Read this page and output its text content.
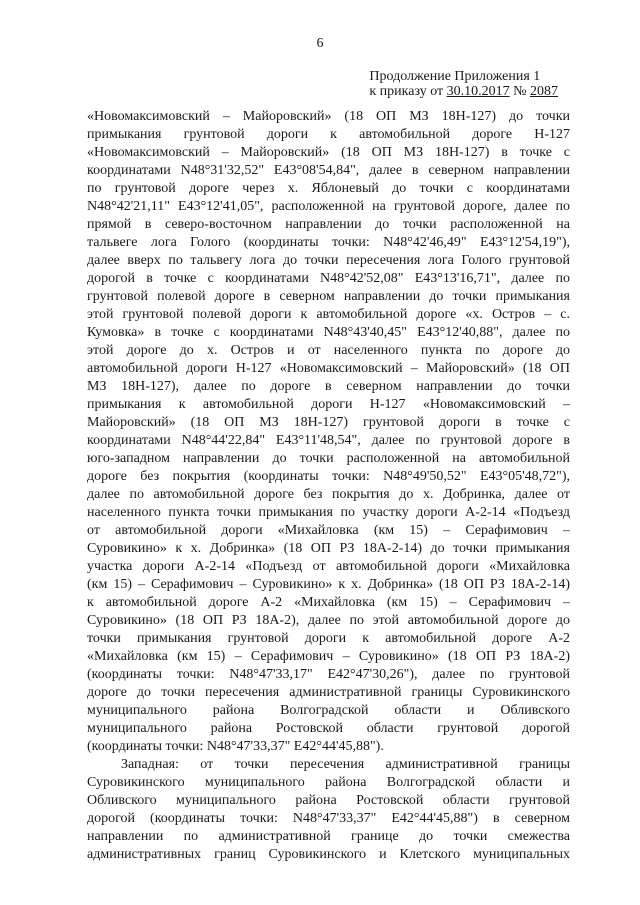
6
Продолжение Приложения 1
к приказу от 30.10.2017 № 2087
«Новомаксимовский – Майоровский» (18 ОП МЗ 18Н-127) до точки
примыкания грунтовой дороги к автомобильной дороге Н-127
«Новомаксимовский – Майоровский» (18 ОП МЗ 18Н-127) в точке с
координатами N48°31'32,52" E43°08'54,84", далее в северном направлении
по грунтовой дороге через х. Яблоневый до точки с координатами
N48°42'21,11" E43°12'41,05", расположенной на грунтовой дороге, далее по
прямой в северо-восточном направлении до точки расположенной на
тальвеге лога Голого (координаты точки: N48°42'46,49" E43°12'54,19"),
далее вверх по тальвегу лога до точки пересечения лога Голого грунтовой
дорогой в точке с координатами N48°42'52,08" E43°13'16,71", далее по
грунтовой полевой дороге в северном направлении до точки примыкания
этой грунтовой полевой дороги к автомобильной дороге «х. Остров – с.
Кумовка» в точке с координатами N48°43'40,45" E43°12'40,88", далее по
этой дороге до х. Остров и от населенного пункта по дороге до
автомобильной дороги Н-127 «Новомаксимовский – Майоровский» (18 ОП
МЗ 18Н-127), далее по дороге в северном направлении до точки
примыкания к автомобильной дороги Н-127 «Новомаксимовский –
Майоровский» (18 ОП МЗ 18Н-127) грунтовой дороги в точке с
координатами N48°44'22,84" E43°11'48,54", далее по грунтовой дороге в
юго-западном направлении до точки расположенной на автомобильной
дороге без покрытия (координаты точки: N48°49'50,52" E43°05'48,72"),
далее по автомобильной дороге без покрытия до х. Добринка, далее от
населенного пункта точки примыкания по участку дороги А-2-14 «Подъезд
от автомобильной дороги «Михайловка (км 15) – Серафимович –
Суровикино» к х. Добринка» (18 ОП РЗ 18А-2-14) до точки примыкания
участка дороги А-2-14 «Подъезд от автомобильной дороги «Михайловка
(км 15) – Серафимович – Суровикино» к х. Добринка» (18 ОП РЗ 18А-2-14)
к автомобильной дороге А-2 «Михайловка (км 15) – Серафимович –
Суровикино» (18 ОП РЗ 18А-2), далее по этой автомобильной дороге до
точки примыкания грунтовой дороги к автомобильной дороге А-2
«Михайловка (км 15) – Серафимович – Суровикино» (18 ОП РЗ 18А-2)
(координаты точки: N48°47'33,17" E42°47'30,26"), далее по грунтовой
дороге до точки пересечения административной границы Суровикинского
муниципального района Волгоградской области и Обливского
муниципального района Ростовской области грунтовой дорогой
(координаты точки: N48°47'33,37" E42°44'45,88").
Западная: от точки пересечения административной границы
Суровикинского муниципального района Волгоградской области и
Обливского муниципального района Ростовской области грунтовой
дорогой (координаты точки: N48°47'33,37" E42°44'45,88") в северном
направлении по административной границе до точки смежества
административных границ Суровикинского и Клетского муниципальных
